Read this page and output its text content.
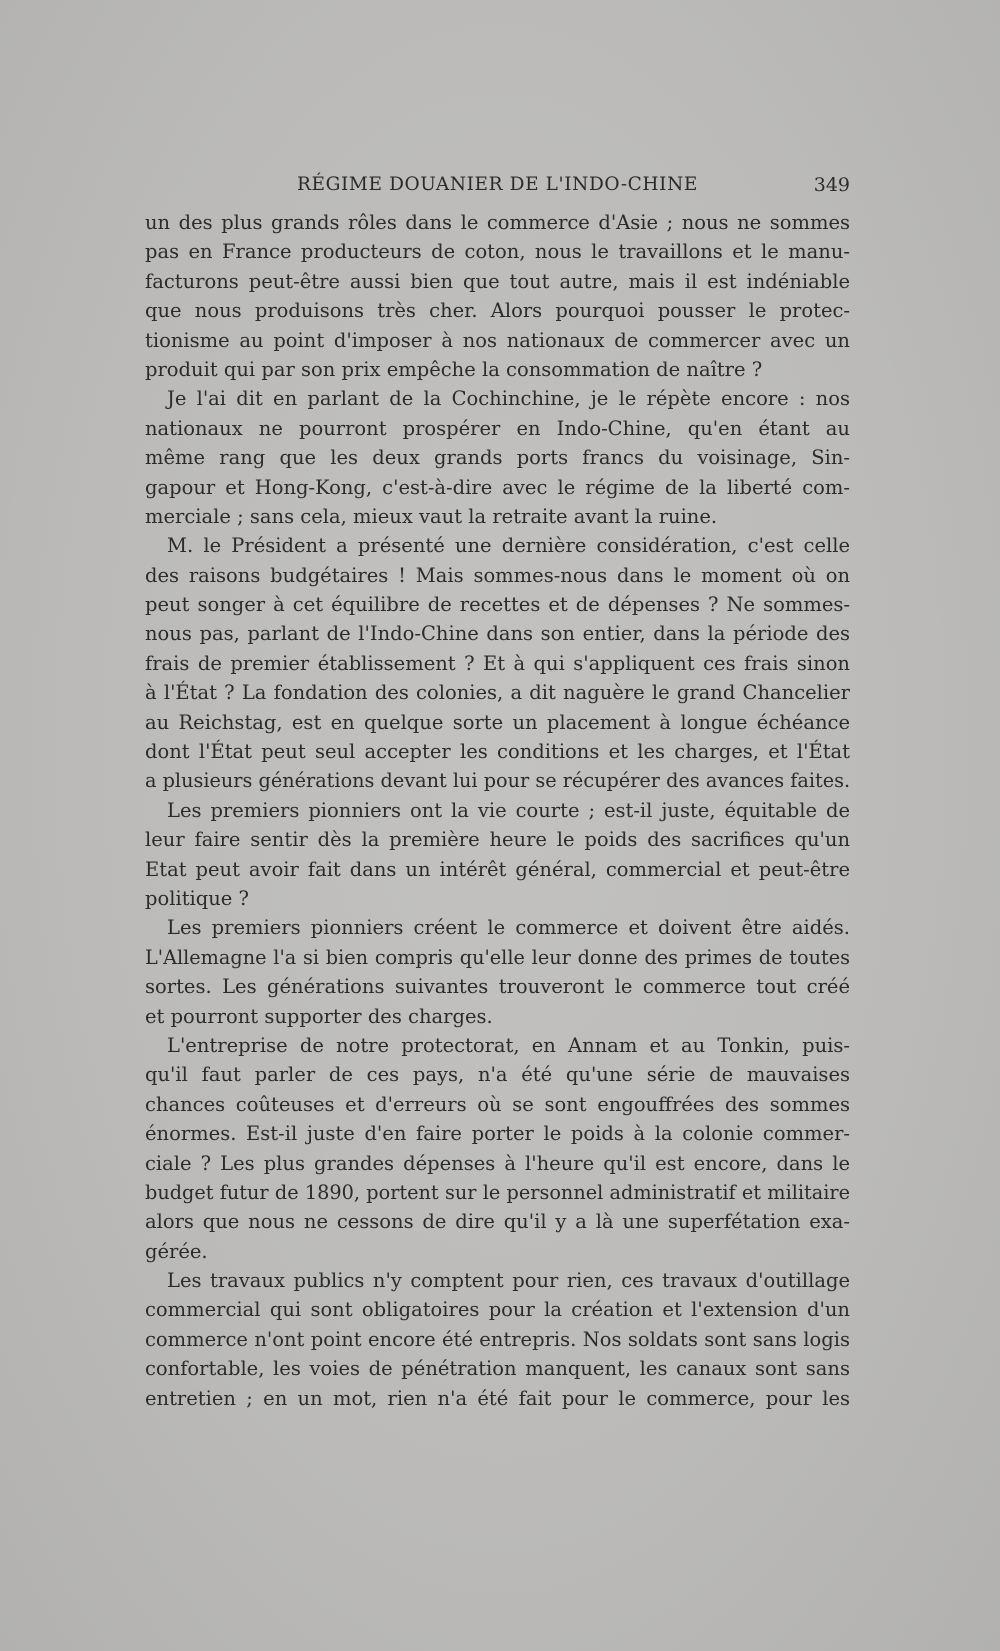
RÉGIME DOUANIER DE L'INDO-CHINE	349
un des plus grands rôles dans le commerce d'Asie ; nous ne sommes
pas en France producteurs de coton, nous le travaillons et le manu-
facturons peut-être aussi bien que tout autre, mais il est indéniable
que nous produisons très cher. Alors pourquoi pousser le protec-
tionisme au point d'imposer à nos nationaux de commercer avec un
produit qui par son prix empêche la consommation de naître ?
Je l'ai dit en parlant de la Cochinchine, je le répète encore : nos
nationaux ne pourront prospérer en Indo-Chine, qu'en étant au
même rang que les deux grands ports francs du voisinage, Sin-
gapour et Hong-Kong, c'est-à-dire avec le régime de la liberté com-
merciale ; sans cela, mieux vaut la retraite avant la ruine.
M. le Président a présenté une dernière considération, c'est celle
des raisons budgétaires ! Mais sommes-nous dans le moment où on
peut songer à cet équilibre de recettes et de dépenses ? Ne sommes-
nous pas, parlant de l'Indo-Chine dans son entier, dans la période des
frais de premier établissement ? Et à qui s'appliquent ces frais sinon
à l'État ? La fondation des colonies, a dit naguère le grand Chancelier
au Reichstag, est en quelque sorte un placement à longue échéance
dont l'État peut seul accepter les conditions et les charges, et l'État
a plusieurs générations devant lui pour se récupérer des avances faites.
Les premiers pionniers ont la vie courte ; est-il juste, équitable de
leur faire sentir dès la première heure le poids des sacrifices qu'un
Etat peut avoir fait dans un intérêt général, commercial et peut-être
politique ?
Les premiers pionniers créent le commerce et doivent être aidés.
L'Allemagne l'a si bien compris qu'elle leur donne des primes de toutes
sortes. Les générations suivantes trouveront le commerce tout créé
et pourront supporter des charges.
L'entreprise de notre protectorat, en Annam et au Tonkin, puis-
qu'il faut parler de ces pays, n'a été qu'une série de mauvaises
chances coûteuses et d'erreurs où se sont engouffrées des sommes
énormes. Est-il juste d'en faire porter le poids à la colonie commer-
ciale ? Les plus grandes dépenses à l'heure qu'il est encore, dans le
budget futur de 1890, portent sur le personnel administratif et militaire
alors que nous ne cessons de dire qu'il y a là une superfétation exa-
gérée.
Les travaux publics n'y comptent pour rien, ces travaux d'outillage
commercial qui sont obligatoires pour la création et l'extension d'un
commerce n'ont point encore été entrepris. Nos soldats sont sans logis
confortable, les voies de pénétration manquent, les canaux sont sans
entretien ; en un mot, rien n'a été fait pour le commerce, pour les
